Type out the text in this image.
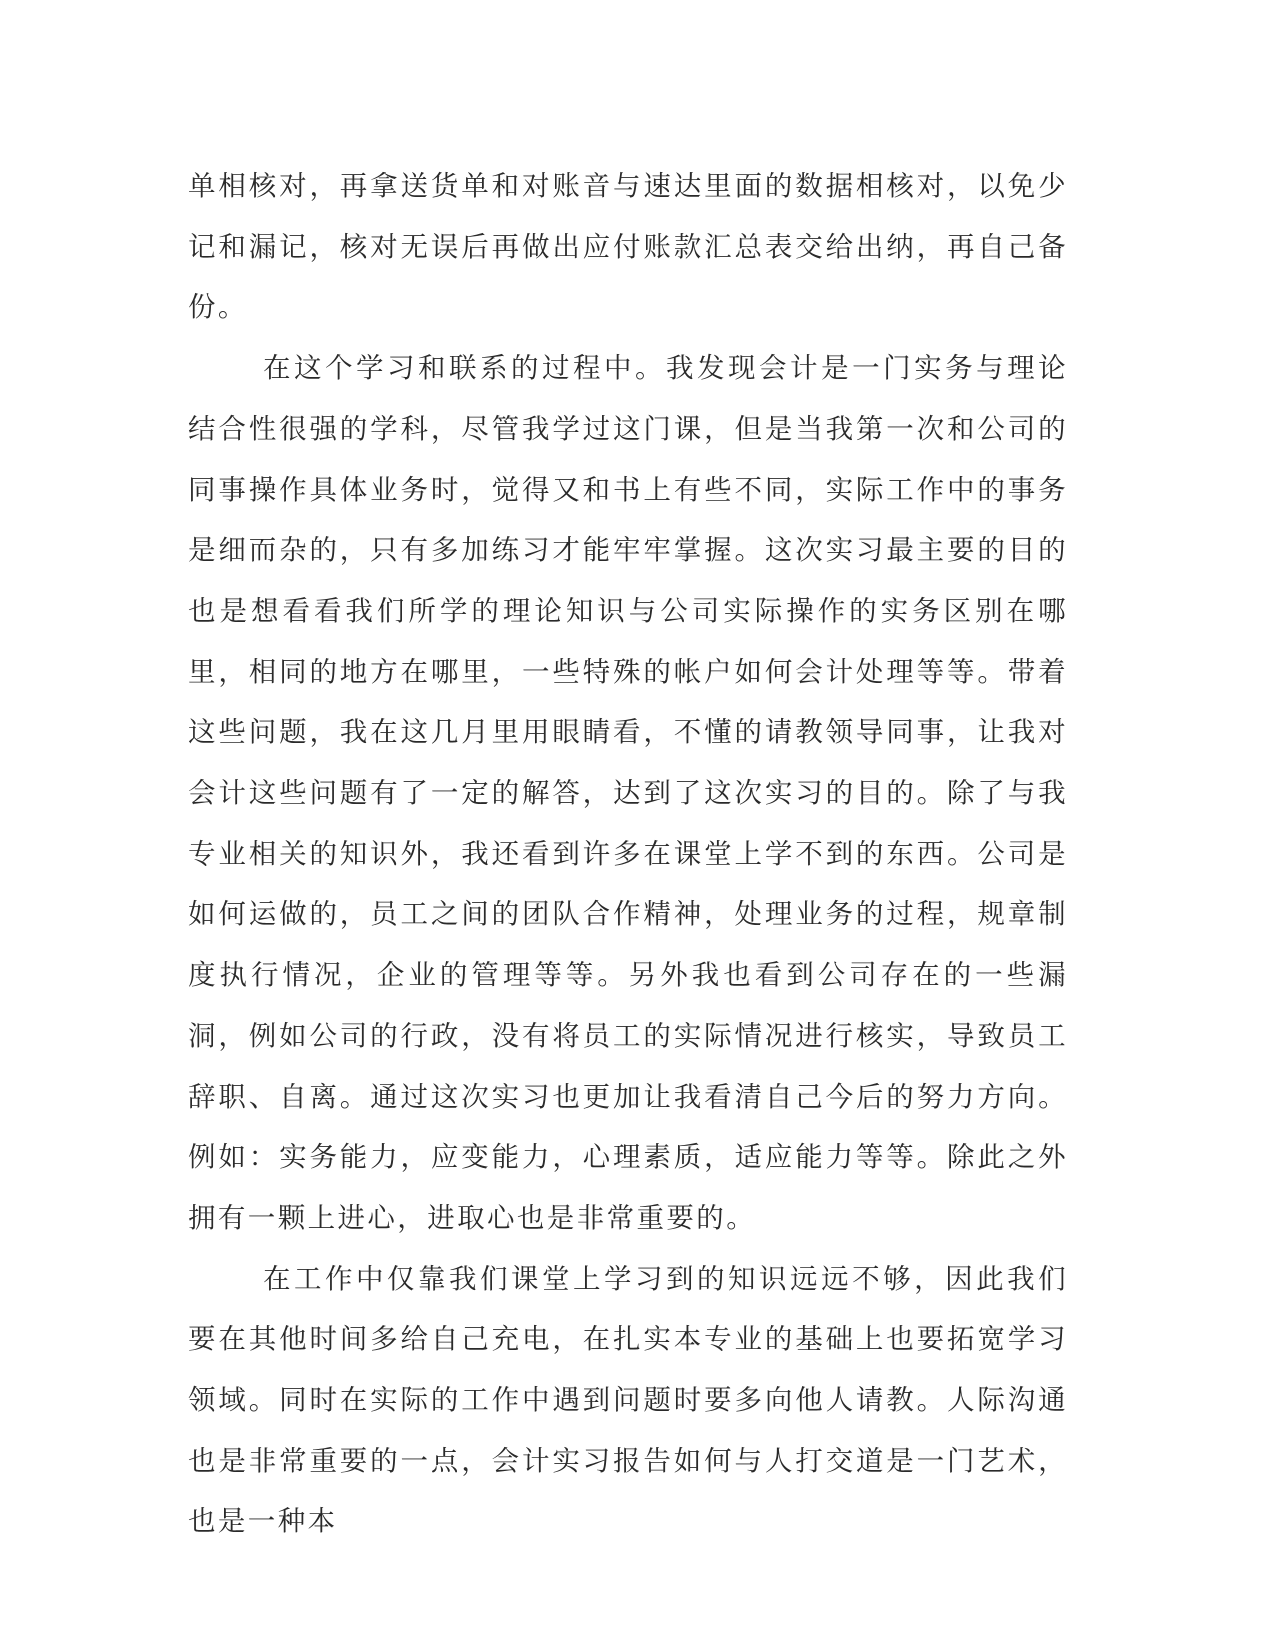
单相核对，再拿送货单和对账音与速达里面的数据相核对，以免少记和漏记，核对无误后再做出应付账款汇总表交给出纳，再自己备份。

在这个学习和联系的过程中。我发现会计是一门实务与理论结合性很强的学科，尽管我学过这门课，但是当我第一次和公司的同事操作具体业务时，觉得又和书上有些不同，实际工作中的事务是细而杂的，只有多加练习才能牢牢掌握。这次实习最主要的目的也是想看看我们所学的理论知识与公司实际操作的实务区别在哪里，相同的地方在哪里，一些特殊的帐户如何会计处理等等。带着这些问题，我在这几月里用眼睛看，不懂的请教领导同事，让我对会计这些问题有了一定的解答，达到了这次实习的目的。除了与我专业相关的知识外，我还看到许多在课堂上学不到的东西。公司是如何运做的，员工之间的团队合作精神，处理业务的过程，规章制度执行情况，企业的管理等等。另外我也看到公司存在的一些漏洞，例如公司的行政，没有将员工的实际情况进行核实，导致员工辞职、自离。通过这次实习也更加让我看清自己今后的努力方向。例如：实务能力，应变能力，心理素质，适应能力等等。除此之外拥有一颗上进心，进取心也是非常重要的。

在工作中仅靠我们课堂上学习到的知识远远不够，因此我们要在其他时间多给自己充电，在扎实本专业的基础上也要拓宽学习领域。同时在实际的工作中遇到问题时要多向他人请教。人际沟通也是非常重要的一点，会计实习报告如何与人打交道是一门艺术，也是一种本
